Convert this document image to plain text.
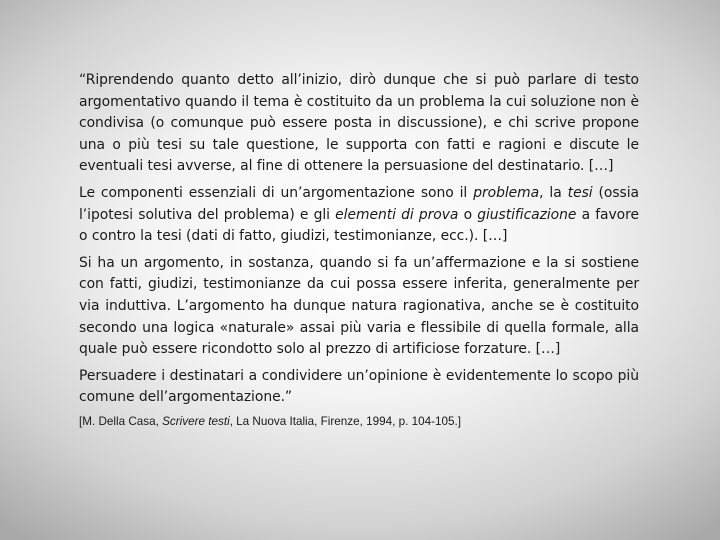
“Riprendendo quanto detto all’inizio, dirò dunque che si può parlare di testo argomentativo quando il tema è costituito da un problema la cui soluzione non è condivisa (o comunque può essere posta in discussione), e chi scrive propone una o più tesi su tale questione, le supporta con fatti e ragioni e discute le eventuali tesi avverse, al fine di ottenere la persuasione del destinatario. […]

Le componenti essenziali di un’argomentazione sono il problema, la tesi (ossia l’ipotesi solutiva del problema) e gli elementi di prova o giustificazione a favore o contro la tesi (dati di fatto, giudizi, testimonianze, ecc.). […]

Si ha un argomento, in sostanza, quando si fa un’affermazione e la si sostiene con fatti, giudizi, testimonianze da cui possa essere inferita, generalmente per via induttiva. L’argomento ha dunque natura ragionativa, anche se è costituito secondo una logica «naturale» assai più varia e flessibile di quella formale, alla quale può essere ricondotto solo al prezzo di artificiose forzature. […]

Persuadere i destinatari a condividere un’opinione è evidentemente lo scopo più comune dell’argomentazione.”

[M. Della Casa, Scrivere testi, La Nuova Italia, Firenze, 1994, p. 104-105.]
